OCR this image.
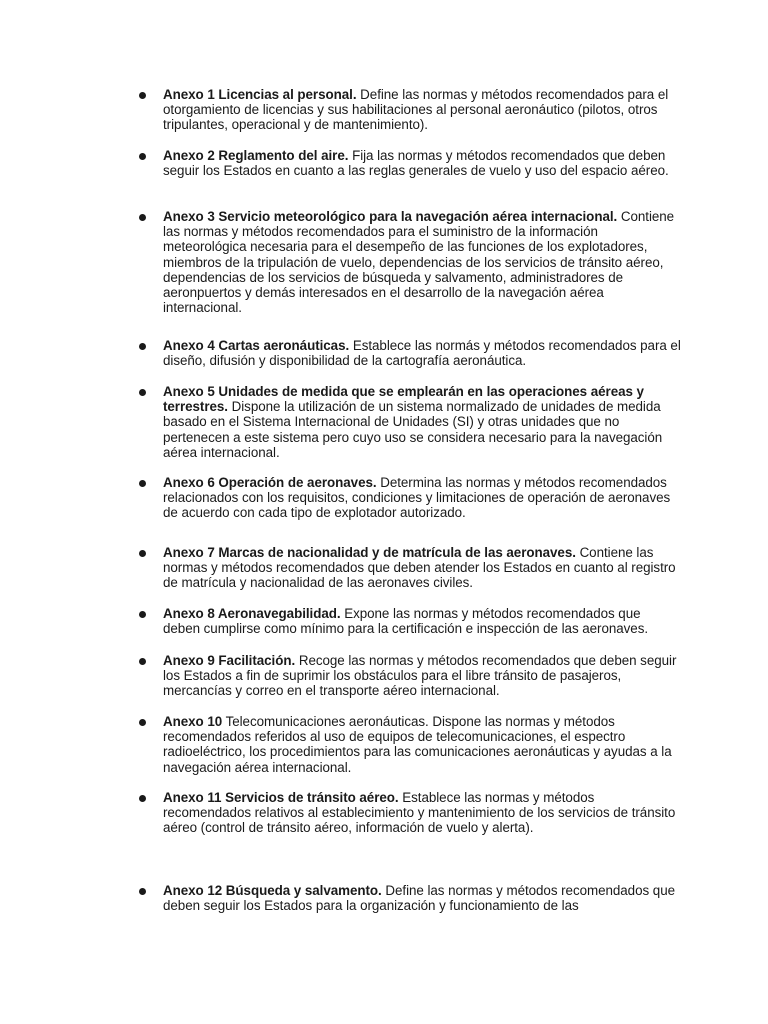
Anexo 1 Licencias al personal. Define las normas y métodos recomendados para el otorgamiento de licencias y sus habilitaciones al personal aeronáutico (pilotos, otros tripulantes, operacional y de mantenimiento).
Anexo 2 Reglamento del aire. Fija las normas y métodos recomendados que deben seguir los Estados en cuanto a las reglas generales de vuelo y uso del espacio aéreo.
Anexo 3 Servicio meteorológico para la navegación aérea internacional. Contiene las normas y métodos recomendados para el suministro de la información meteorológica necesaria para el desempeño de las funciones de los explotadores, miembros de la tripulación de vuelo, dependencias de los servicios de tránsito aéreo, dependencias de los servicios de búsqueda y salvamento, administradores de aeronpuertos y demás interesados en el desarrollo de la navegación aérea internacional.
Anexo 4 Cartas aeronáuticas. Establece las normás y métodos recomendados para el diseño, difusión y disponibilidad de la cartografía aeronáutica.
Anexo 5 Unidades de medida que se emplearán en las operaciones aéreas y terrestres. Dispone la utilización de un sistema normalizado de unidades de medida basado en el Sistema Internacional de Unidades (SI) y otras unidades que no pertenecen a este sistema pero cuyo uso se considera necesario para la navegación aérea internacional.
Anexo 6 Operación de aeronaves. Determina las normas y métodos recomendados relacionados con los requisitos, condiciones y limitaciones de operación de aeronaves de acuerdo con cada tipo de explotador autorizado.
Anexo 7 Marcas de nacionalidad y de matrícula de las aeronaves. Contiene las normas y métodos recomendados que deben atender los Estados en cuanto al registro de matrícula y nacionalidad de las aeronaves civiles.
Anexo 8 Aeronavegabilidad. Expone las normas y métodos recomendados que deben cumplirse como mínimo para la certificación e inspección de las aeronaves.
Anexo 9 Facilitación. Recoge las normas y métodos recomendados que deben seguir los Estados a fin de suprimir los obstáculos para el libre tránsito de pasajeros, mercancías y correo en el transporte aéreo internacional.
Anexo 10 Telecomunicaciones aeronáuticas. Dispone las normas y métodos recomendados referidos al uso de equipos de telecomunicaciones, el espectro radioeléctrico, los procedimientos para las comunicaciones aeronáuticas y ayudas a la navegación aérea internacional.
Anexo 11 Servicios de tránsito aéreo. Establece las normas y métodos recomendados relativos al establecimiento y mantenimiento de los servicios de tránsito aéreo (control de tránsito aéreo, información de vuelo y alerta).
Anexo 12 Búsqueda y salvamento. Define las normas y métodos recomendados que deben seguir los Estados para la organización y funcionamiento de las
